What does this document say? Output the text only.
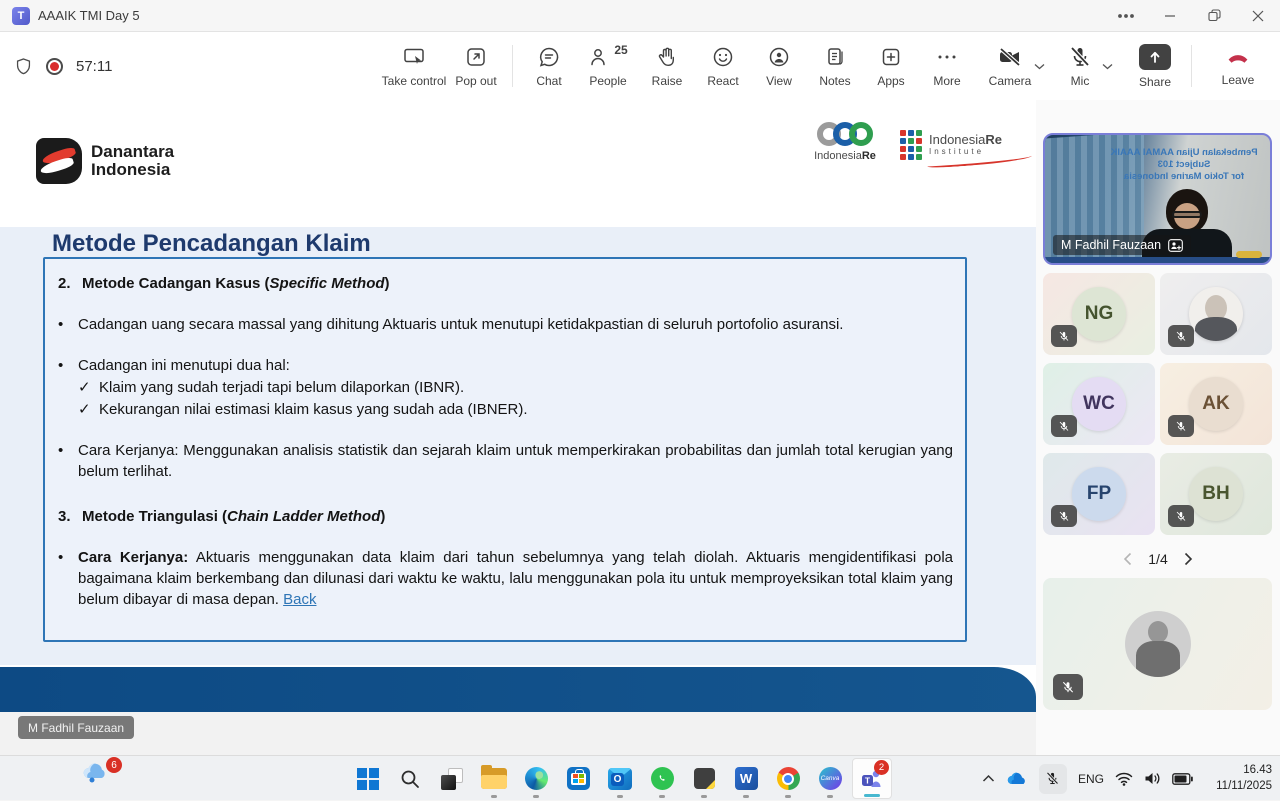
T	AAAIK TMI Day 5
57:11
Take control Pop out	Chat
25
People Raise React View Notes Apps More Camera	Mic	Share	Leave
Danantara
Indonesia
IndonesiaRe
IndonesiaRe
Institute
Metode Pencadangan Klaim
2. Metode Cadangan Kasus (Specific Method)
• Cadangan uang secara massal yang dihitung Aktuaris untuk menutupi ketidakpastian di seluruh portofolio asuransi.
• Cadangan ini menutupi dua hal:
✓ Klaim yang sudah terjadi tapi belum dilaporkan (IBNR).
✓ Kekurangan nilai estimasi klaim kasus yang sudah ada (IBNER).
• Cara Kerjanya: Menggunakan analisis statistik dan sejarah klaim untuk memperkirakan probabilitas dan jumlah total kerugian yang belum terlihat.
3. Metode Triangulasi (Chain Ladder Method)
• Cara Kerjanya: Aktuaris menggunakan data klaim dari tahun sebelumnya yang telah diolah. Aktuaris mengidentifikasi pola bagaimana klaim berkembang dan dilunasi dari waktu ke waktu, lalu menggunakan pola itu untuk memproyeksikan total klaim yang belum dibayar di masa depan. Back
Pembekalan Ujian AAMAI AAAIK Subject 103
for Tokio Marine Indonesia
M Fadhil Fauzaan
NG
WC	AK
FP	BH
1/4
M Fadhil Fauzaan
6
O	W	Canva	T
2
ENG
16.43
11/11/2025
